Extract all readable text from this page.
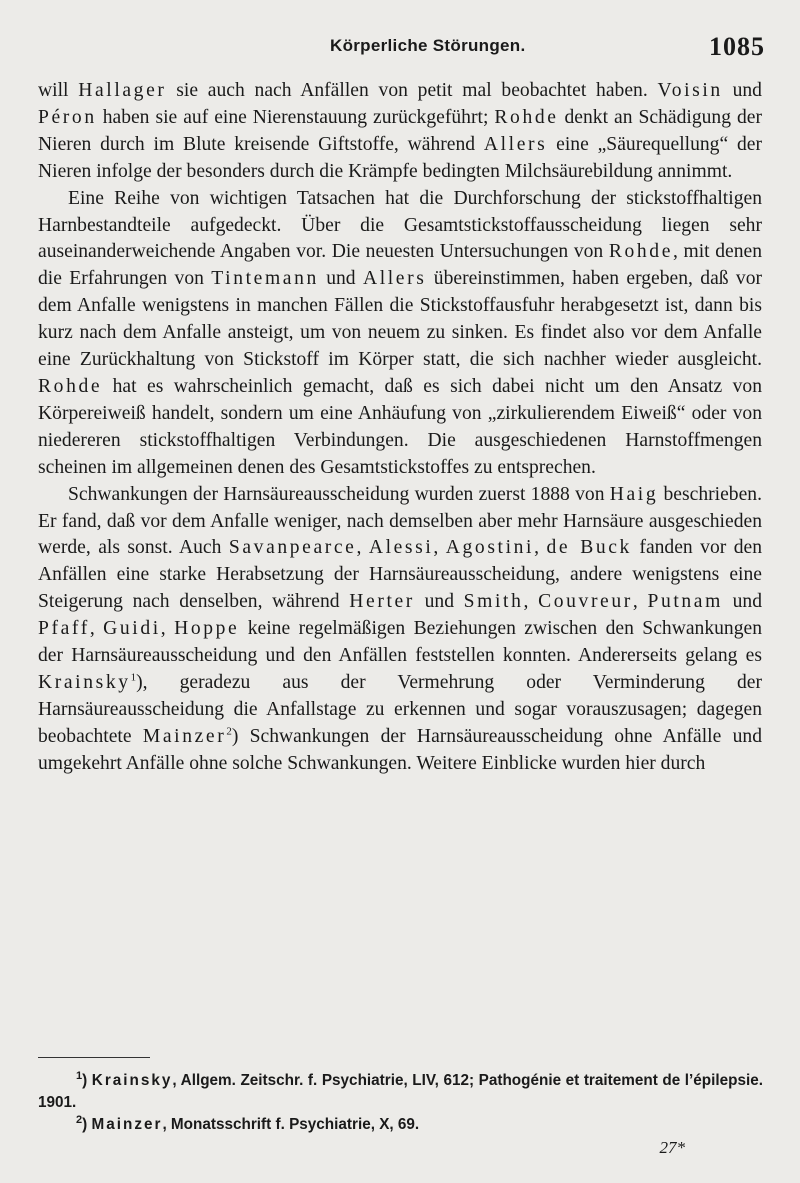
Körperliche Störungen.	1085

will Hallager sie auch nach Anfällen von petit mal beobachtet haben. Voisin und Péron haben sie auf eine Nierenstauung zurückgeführt; Rohde denkt an Schädigung der Nieren durch im Blute kreisende Giftstoffe, während Allers eine „Säurequellung“ der Nieren infolge der besonders durch die Krämpfe bedingten Milchsäurebildung annimmt.

Eine Reihe von wichtigen Tatsachen hat die Durchforschung der stickstoffhaltigen Harnbestandteile aufgedeckt. Über die Gesamtstickstoffausscheidung liegen sehr auseinanderweichende Angaben vor. Die neuesten Untersuchungen von Rohde, mit denen die Erfahrungen von Tintemann und Allers übereinstimmen, haben ergeben, daß vor dem Anfalle wenigstens in manchen Fällen die Stickstoffausfuhr herabgesetzt ist, dann bis kurz nach dem Anfalle ansteigt, um von neuem zu sinken. Es findet also vor dem Anfalle eine Zurückhaltung von Stickstoff im Körper statt, die sich nachher wieder ausgleicht. Rohde hat es wahrscheinlich gemacht, daß es sich dabei nicht um den Ansatz von Körpereiweiß handelt, sondern um eine Anhäufung von „zirkulierendem Eiweiß“ oder von niedereren stickstoffhaltigen Verbindungen. Die ausgeschiedenen Harnstoffmengen scheinen im allgemeinen denen des Gesamtstickstoffes zu entsprechen.

Schwankungen der Harnsäureausscheidung wurden zuerst 1888 von Haig beschrieben. Er fand, daß vor dem Anfalle weniger, nach demselben aber mehr Harnsäure ausgeschieden werde, als sonst. Auch Savanpearce, Alessi, Agostini, de Buck fanden vor den Anfällen eine starke Herabsetzung der Harnsäureausscheidung, andere wenigstens eine Steigerung nach denselben, während Herter und Smith, Couvreur, Putnam und Pfaff, Guidi, Hoppe keine regelmäßigen Beziehungen zwischen den Schwankungen der Harnsäureausscheidung und den Anfällen feststellen konnten. Andererseits gelang es Krainsky$^1$), geradezu aus der Vermehrung oder Verminderung der Harnsäureausscheidung die Anfallstage zu erkennen und sogar vorauszusagen; dagegen beobachtete Mainzer$^2$) Schwankungen der Harnsäureausscheidung ohne Anfälle und umgekehrt Anfälle ohne solche Schwankungen. Weitere Einblicke wurden hier durch

$^1$) Krainsky, Allgem. Zeitschr. f. Psychiatrie, LIV, 612; Pathogénie et traitement de l’épilepsie. 1901.

$^2$) Mainzer, Monatsschrift f. Psychiatrie, X, 69.

27*
